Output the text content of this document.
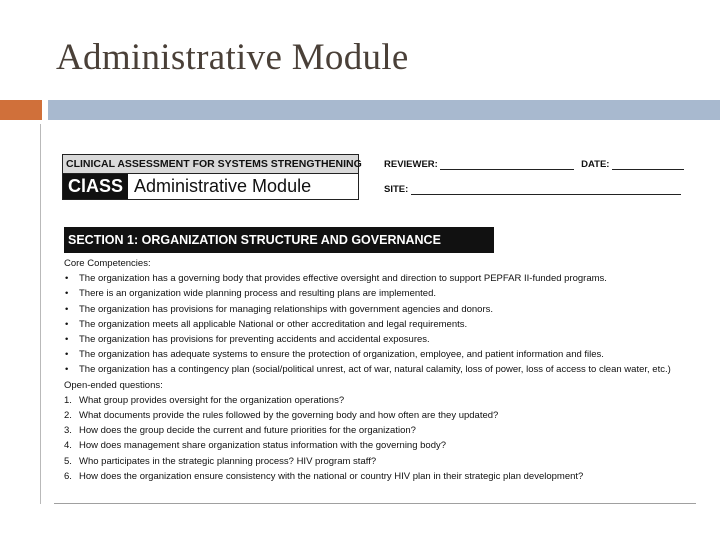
Administrative Module
CLINICAL ASSESSMENT FOR SYSTEMS STRENGTHENING
ClASS Administrative Module
REVIEWER:	DATE:
SITE:
SECTION 1: ORGANIZATION STRUCTURE AND GOVERNANCE
Core Competencies:
• The organization has a governing body that provides effective oversight and direction to support PEPFAR II-funded programs.
• There is an organization wide planning process and resulting plans are implemented.
• The organization has provisions for managing relationships with government agencies and donors.
• The organization meets all applicable National or other accreditation and legal requirements.
• The organization has provisions for preventing accidents and accidental exposures.
• The organization has adequate systems to ensure the protection of organization, employee, and patient information and files.
• The organization has a contingency plan (social/political unrest, act of war, natural calamity, loss of power, loss of access to clean water, etc.)
Open-ended questions:
1. What group provides oversight for the organization operations?
2. What documents provide the rules followed by the governing body and how often are they updated?
3. How does the group decide the current and future priorities for the organization?
4. How does management share organization status information with the governing body?
5. Who participates in the strategic planning process? HIV program staff?
6. How does the organization ensure consistency with the national or country HIV plan in their strategic plan development?
